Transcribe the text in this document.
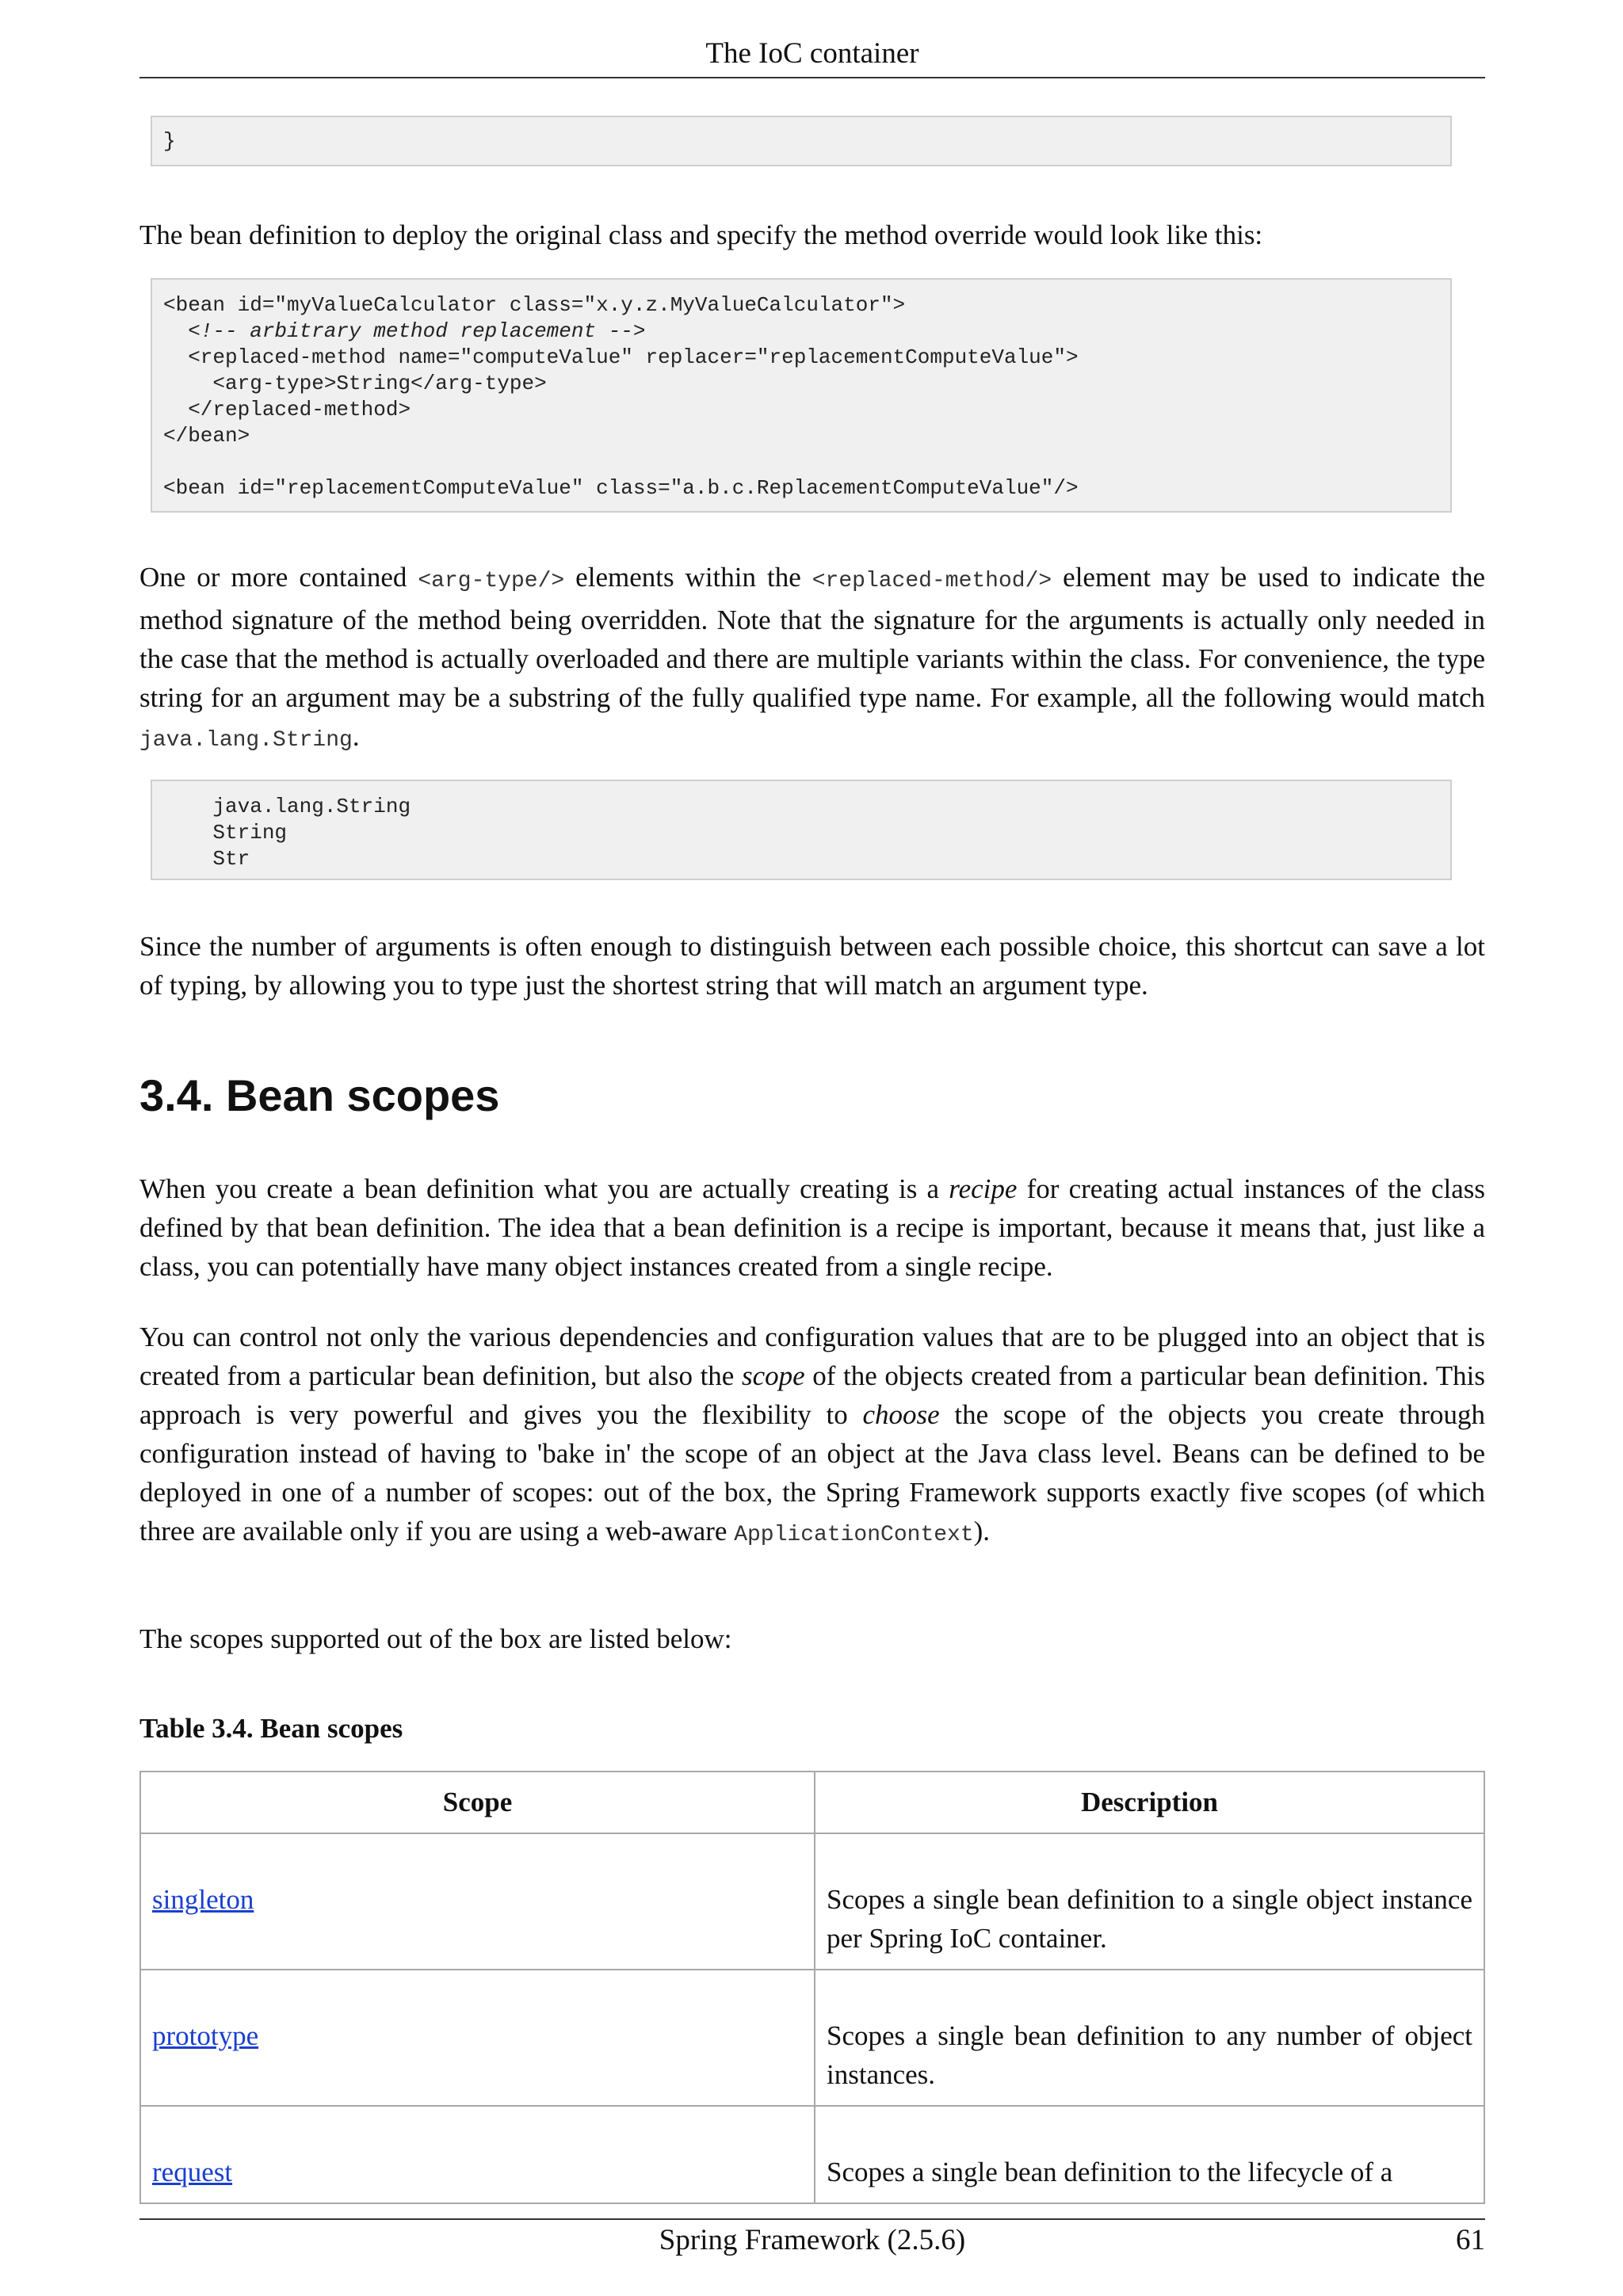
The IoC container
}

The bean definition to deploy the original class and specify the method override would look like this:

<bean id="myValueCalculator class="x.y.z.MyValueCalculator">
<!-- arbitrary method replacement -->
<replaced-method name="computeValue" replacer="replacementComputeValue">
<arg-type>String</arg-type>
</replaced-method>
</bean>

<bean id="replacementComputeValue" class="a.b.c.ReplacementComputeValue"/>

One or more contained <arg-type/> elements within the <replaced-method/> element may be used to indicate the method signature of the method being overridden. Note that the signature for the arguments is actually only needed in the case that the method is actually overloaded and there are multiple variants within the class. For convenience, the type string for an argument may be a substring of the fully qualified type name. For example, all the following would match java.lang.String.

java.lang.String
String
Str

Since the number of arguments is often enough to distinguish between each possible choice, this shortcut can save a lot of typing, by allowing you to type just the shortest string that will match an argument type.

3.4. Bean scopes

When you create a bean definition what you are actually creating is a recipe for creating actual instances of the class defined by that bean definition. The idea that a bean definition is a recipe is important, because it means that, just like a class, you can potentially have many object instances created from a single recipe.

You can control not only the various dependencies and configuration values that are to be plugged into an object that is created from a particular bean definition, but also the scope of the objects created from a particular bean definition. This approach is very powerful and gives you the flexibility to choose the scope of the objects you create through configuration instead of having to 'bake in' the scope of an object at the Java class level. Beans can be defined to be deployed in one of a number of scopes: out of the box, the Spring Framework supports exactly five scopes (of which three are available only if you are using a web-aware ApplicationContext).

The scopes supported out of the box are listed below:

Table 3.4. Bean scopes
Scope	Description
singleton	Scopes a single bean definition to a single object instance per Spring IoC container.
prototype	Scopes a single bean definition to any number of object instances.
request	Scopes a single bean definition to the lifecycle of a
Spring Framework (2.5.6)	61
